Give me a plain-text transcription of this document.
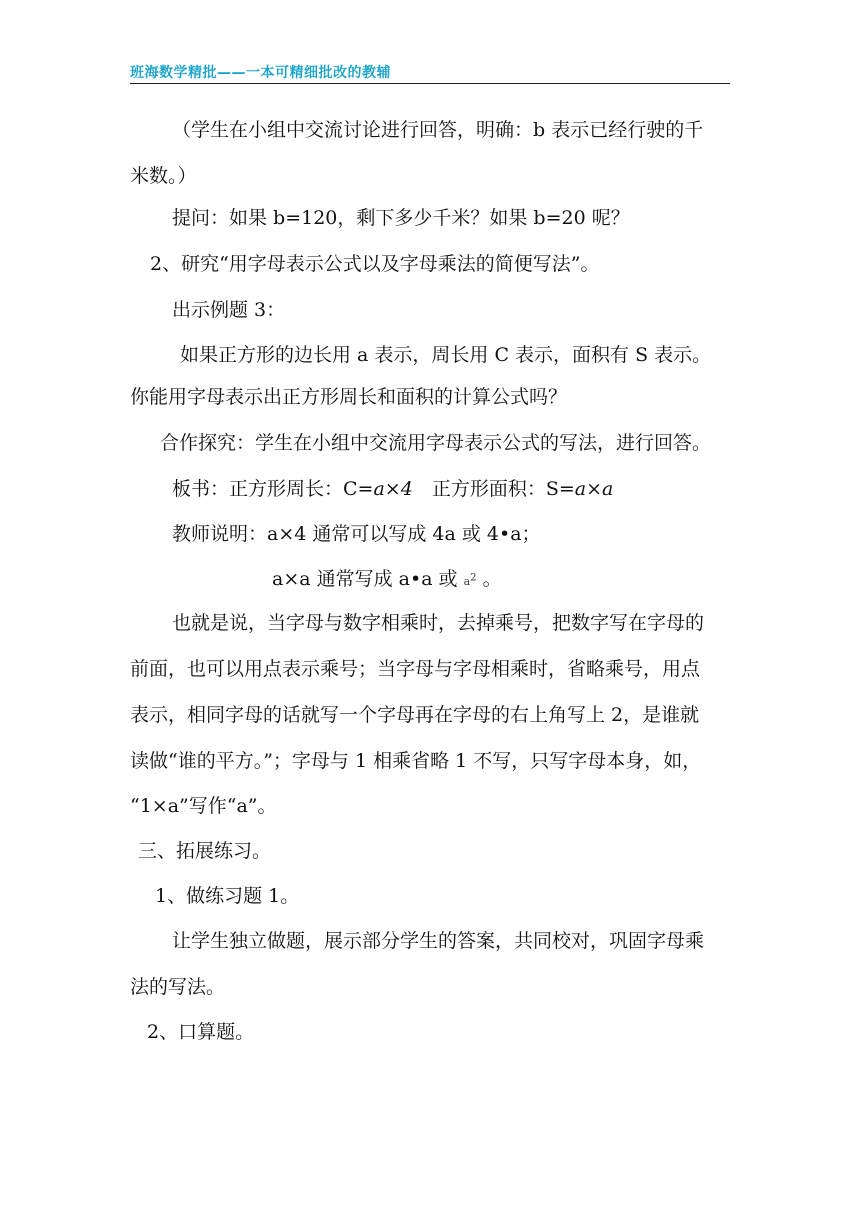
班海数学精批——一本可精细批改的教辅
（学生在小组中交流讨论进行回答，明确：b 表示已经行驶的千
米数。）
提问：如果 b=120，剩下多少千米？如果 b=20 呢？
2、研究“用字母表示公式以及字母乘法的简便写法”。
出示例题 3：
如果正方形的边长用 a 表示，周长用 C 表示，面积有 S 表示。
你能用字母表示出正方形周长和面积的计算公式吗？
合作探究：学生在小组中交流用字母表示公式的写法，进行回答。
板书：正方形周长：C=a×4　正方形面积：S=a×a
教师说明：a×4 通常可以写成 4a 或 4•a；
a×a 通常写成 a•a 或 a2 。
也就是说，当字母与数字相乘时，去掉乘号，把数字写在字母的
前面，也可以用点表示乘号；当字母与字母相乘时，省略乘号，用点
表示，相同字母的话就写一个字母再在字母的右上角写上 2，是谁就
读做“谁的平方。”；字母与 1 相乘省略 1 不写，只写字母本身，如，
“1×a”写作“a”。
三、拓展练习。
1、做练习题 1。
让学生独立做题，展示部分学生的答案，共同校对，巩固字母乘
法的写法。
2、口算题。
